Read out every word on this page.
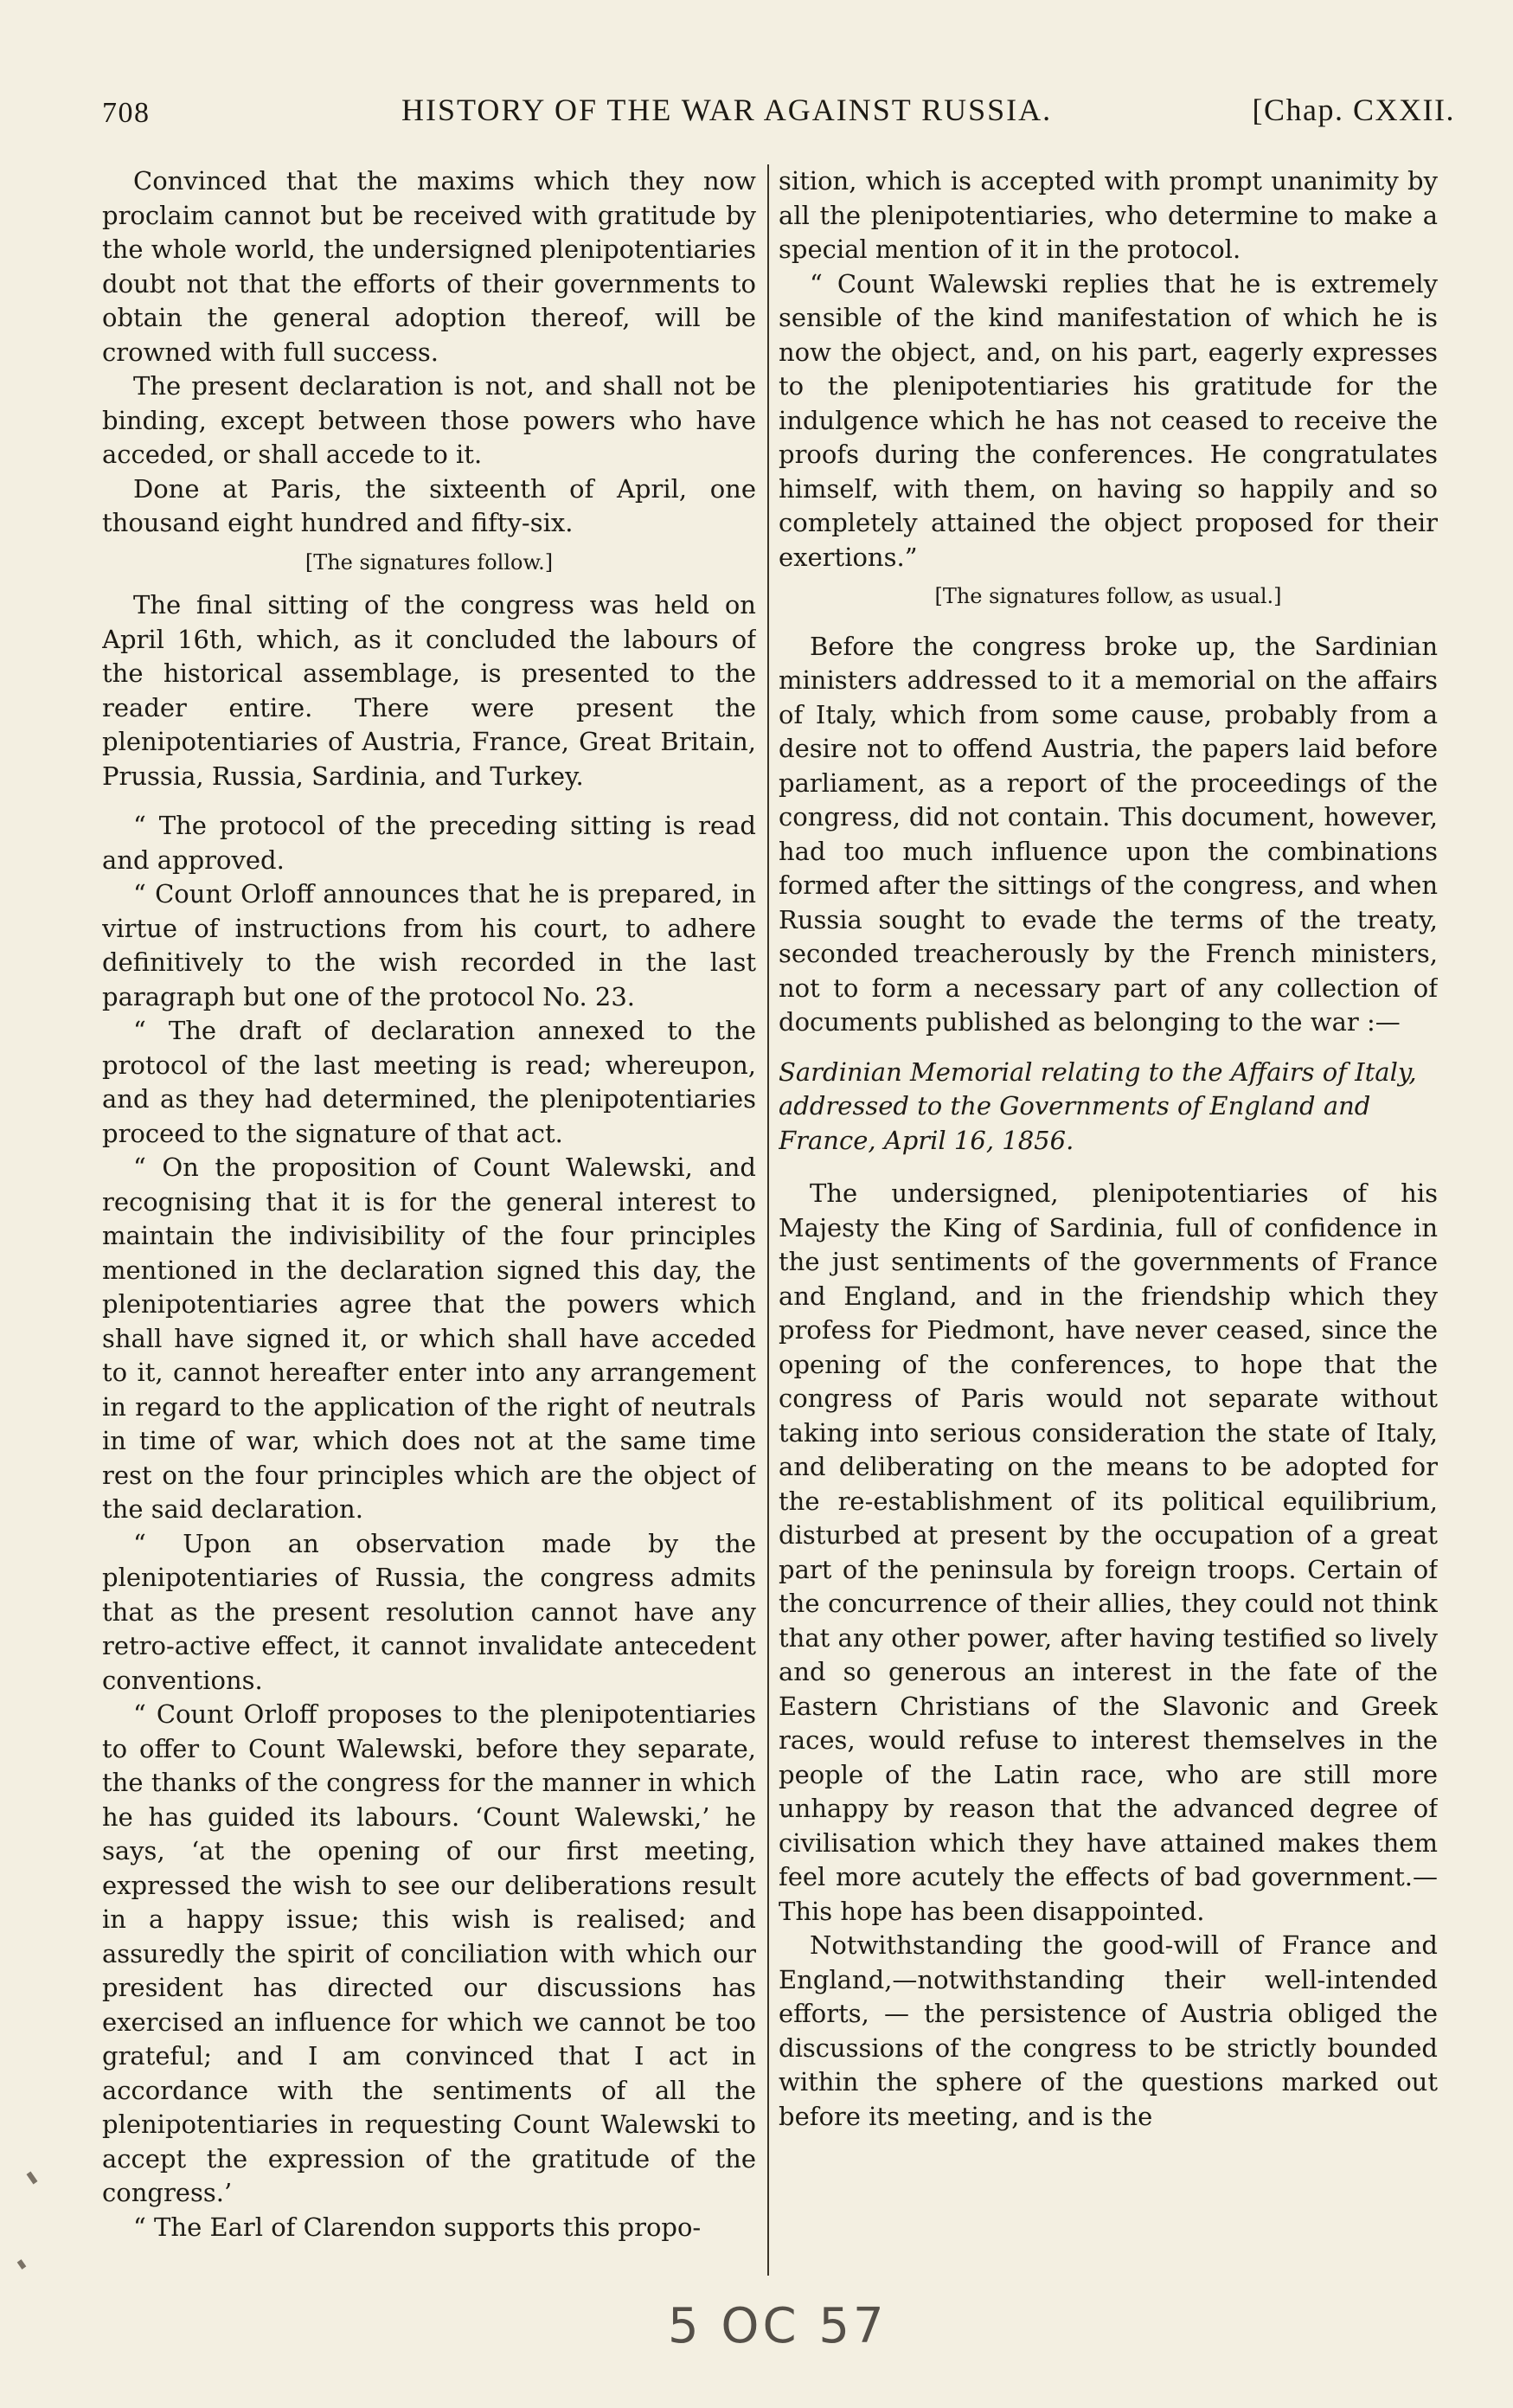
708	HISTORY OF THE WAR AGAINST RUSSIA.	[Chap. CXXII.

Convinced that the maxims which they now proclaim cannot but be received with gratitude by the whole world, the undersigned plenipotentiaries doubt not that the efforts of their governments to obtain the general adoption thereof, will be crowned with full success.

The present declaration is not, and shall not be binding, except between those powers who have acceded, or shall accede to it.

Done at Paris, the sixteenth of April, one thousand eight hundred and fifty-six.

[The signatures follow.]

The final sitting of the congress was held on April 16th, which, as it concluded the labours of the historical assemblage, is presented to the reader entire. There were present the plenipotentiaries of Austria, France, Great Britain, Prussia, Russia, Sardinia, and Turkey.

“ The protocol of the preceding sitting is read and approved.

“ Count Orloff announces that he is prepared, in virtue of instructions from his court, to adhere definitively to the wish recorded in the last paragraph but one of the protocol No. 23.

“ The draft of declaration annexed to the protocol of the last meeting is read; whereupon, and as they had determined, the plenipotentiaries proceed to the signature of that act.

“ On the proposition of Count Walewski, and recognising that it is for the general interest to maintain the indivisibility of the four principles mentioned in the declaration signed this day, the plenipotentiaries agree that the powers which shall have signed it, or which shall have acceded to it, cannot hereafter enter into any arrangement in regard to the application of the right of neutrals in time of war, which does not at the same time rest on the four principles which are the object of the said declaration.

“ Upon an observation made by the plenipotentiaries of Russia, the congress admits that as the present resolution cannot have any retro-active effect, it cannot invalidate antecedent conventions.

“ Count Orloff proposes to the plenipotentiaries to offer to Count Walewski, before they separate, the thanks of the congress for the manner in which he has guided its labours. ‘Count Walewski,’ he says, ‘at the opening of our first meeting, expressed the wish to see our deliberations result in a happy issue; this wish is realised; and assuredly the spirit of conciliation with which our president has directed our discussions has exercised an influence for which we cannot be too grateful; and I am convinced that I act in accordance with the sentiments of all the plenipotentiaries in requesting Count Walewski to accept the expression of the gratitude of the congress.’

“ The Earl of Clarendon supports this propo-

sition, which is accepted with prompt unanimity by all the plenipotentiaries, who determine to make a special mention of it in the protocol.

“ Count Walewski replies that he is extremely sensible of the kind manifestation of which he is now the object, and, on his part, eagerly expresses to the plenipotentiaries his gratitude for the indulgence which he has not ceased to receive the proofs during the conferences. He congratulates himself, with them, on having so happily and so completely attained the object proposed for their exertions.”

[The signatures follow, as usual.]

Before the congress broke up, the Sardinian ministers addressed to it a memorial on the affairs of Italy, which from some cause, probably from a desire not to offend Austria, the papers laid before parliament, as a report of the proceedings of the congress, did not contain. This document, however, had too much influence upon the combinations formed after the sittings of the congress, and when Russia sought to evade the terms of the treaty, seconded treacherously by the French ministers, not to form a necessary part of any collection of documents published as belonging to the war :—

Sardinian Memorial relating to the Affairs of Italy, addressed to the Governments of England and France, April 16, 1856.

The undersigned, plenipotentiaries of his Majesty the King of Sardinia, full of confidence in the just sentiments of the governments of France and England, and in the friendship which they profess for Piedmont, have never ceased, since the opening of the conferences, to hope that the congress of Paris would not separate without taking into serious consideration the state of Italy, and deliberating on the means to be adopted for the re-establishment of its political equilibrium, disturbed at present by the occupation of a great part of the peninsula by foreign troops. Certain of the concurrence of their allies, they could not think that any other power, after having testified so lively and so generous an interest in the fate of the Eastern Christians of the Slavonic and Greek races, would refuse to interest themselves in the people of the Latin race, who are still more unhappy by reason that the advanced degree of civilisation which they have attained makes them feel more acutely the effects of bad government.—This hope has been disappointed.

Notwithstanding the good-will of France and England,—notwithstanding their well-intended efforts, — the persistence of Austria obliged the discussions of the congress to be strictly bounded within the sphere of the questions marked out before its meeting, and is the

5 OC 57
